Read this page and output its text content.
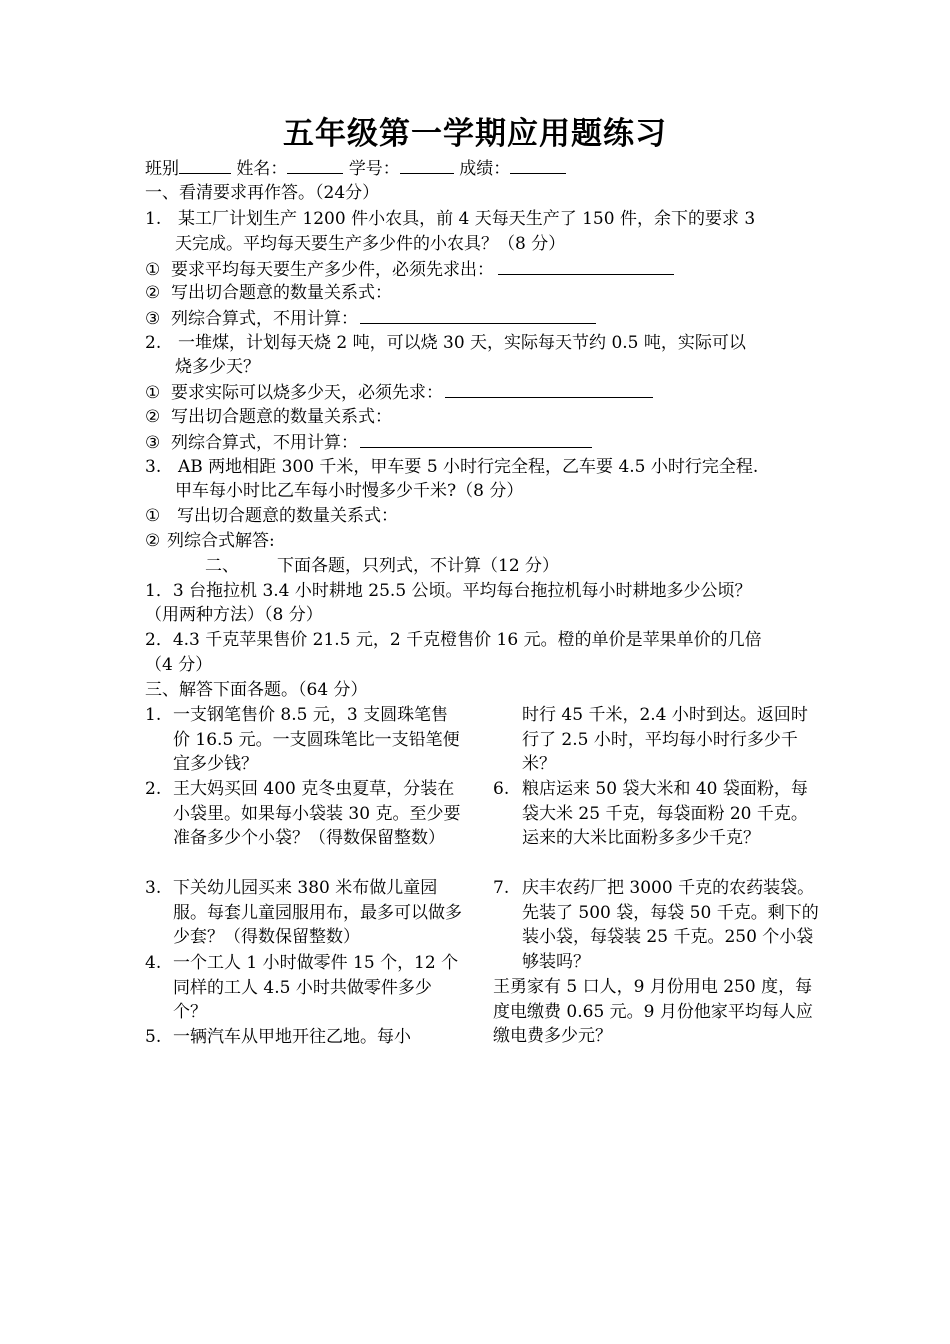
五年级第一学期应用题练习
班别	姓名：	学号：	成绩：
一、看清要求再作答。（24分）
1. 某工厂计划生产 1200 件小农具，前 4 天每天生产了 150 件，余下的要求 3
天完成。平均每天要生产多少件的小农具？（8 分）
① 要求平均每天要生产多少件，必须先求出：
② 写出切合题意的数量关系式：
③ 列综合算式，不用计算：
2. 一堆煤，计划每天烧 2 吨，可以烧 30 天，实际每天节约 0.5 吨，实际可以
烧多少天？
① 要求实际可以烧多少天，必须先求：
② 写出切合题意的数量关系式：
③ 列综合算式，不用计算：
3. AB 两地相距 300 千米，甲车要 5 小时行完全程，乙车要 4.5 小时行完全程.
甲车每小时比乙车每小时慢多少千米?（8 分）
① 写出切合题意的数量关系式：
② 列综合式解答:
二、 下面各题，只列式，不计算（12 分）
1．3 台拖拉机 3.4 小时耕地 25.5 公顷。平均每台拖拉机每小时耕地多少公顷？
（用两种方法）（8 分）
2．4.3 千克苹果售价 21.5 元，2 千克橙售价 16 元。橙的单价是苹果单价的几倍
（4 分）
三、解答下面各题。（64 分）
1. 一支钢笔售价 8.5 元，3 支圆珠笔售价 16.5 元。一支圆珠笔比一支铅笔便宜多少钱？
2. 王大妈买回 400 克冬虫夏草，分装在小袋里。如果每小袋装 30 克。至少要准备多少个小袋？（得数保留整数）
3. 下关幼儿园买来 380 米布做儿童园服。每套儿童园服用布，最多可以做多少套？（得数保留整数）
4. 一个工人 1 小时做零件 15 个，12 个同样的工人 4.5 小时共做零件多少个？
5. 一辆汽车从甲地开往乙地。每小
时行 45 千米，2.4 小时到达。返回时行了 2.5 小时，平均每小时行多少千米？
6. 粮店运来 50 袋大米和 40 袋面粉，每袋大米 25 千克，每袋面粉 20 千克。运来的大米比面粉多多少千克？
7. 庆丰农药厂把 3000 千克的农药装袋。先装了 500 袋，每袋 50 千克。剩下的装小袋，每袋装 25 千克。250 个小袋够装吗？
王勇家有 5 口人，9 月份用电 250 度，每度电缴费 0.65 元。9 月份他家平均每人应缴电费多少元？
